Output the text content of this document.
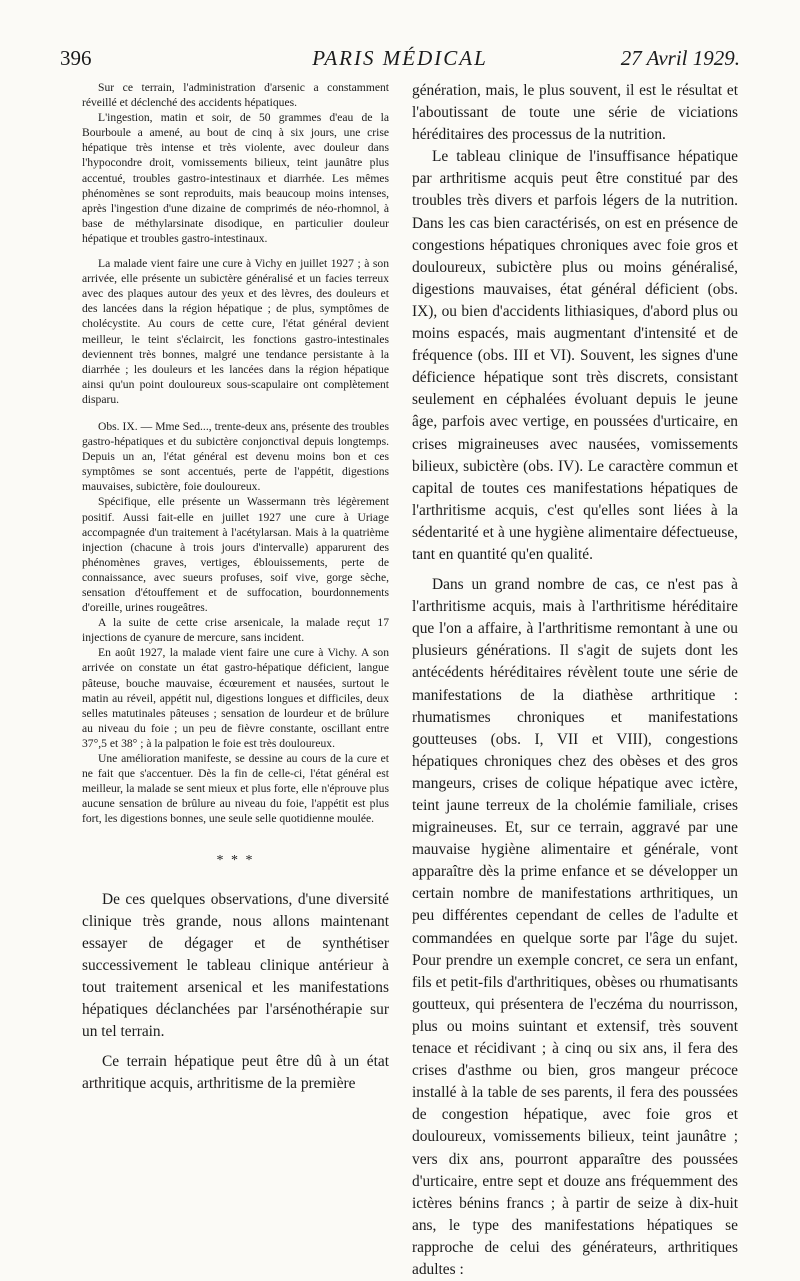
396	PARIS MÉDICAL	27 Avril 1929.

Sur ce terrain, l'administration d'arsenic a constamment réveillé et déclenché des accidents hépatiques.

L'ingestion, matin et soir, de 50 grammes d'eau de la Bourboule a amené, au bout de cinq à six jours, une crise hépatique très intense et très violente, avec douleur dans l'hypocondre droit, vomissements bilieux, teint jaunâtre plus accentué, troubles gastro-intestinaux et diarrhée. Les mêmes phénomènes se sont reproduits, mais beaucoup moins intenses, après l'ingestion d'une dizaine de comprimés de néo-rhomnol, à base de méthylarsinate disodique, en particulier douleur hépatique et troubles gastro-intestinaux.

La malade vient faire une cure à Vichy en juillet 1927 ; à son arrivée, elle présente un subictère généralisé et un facies terreux avec des plaques autour des yeux et des lèvres, des douleurs et des lancées dans la région hépatique ; de plus, symptômes de cholécystite. Au cours de cette cure, l'état général devient meilleur, le teint s'éclaircit, les fonctions gastro-intestinales deviennent très bonnes, malgré une tendance persistante à la diarrhée ; les douleurs et les lancées dans la région hépatique ainsi qu'un point douloureux sous-scapulaire ont complètement disparu.

Obs. IX. — Mme Sed..., trente-deux ans, présente des troubles gastro-hépatiques et du subictère conjonctival depuis longtemps. Depuis un an, l'état général est devenu moins bon et ces symptômes se sont accentués, perte de l'appétit, digestions mauvaises, subictère, foie douloureux.

Spécifique, elle présente un Wassermann très légèrement positif. Aussi fait-elle en juillet 1927 une cure à Uriage accompagnée d'un traitement à l'acétylarsan. Mais à la quatrième injection (chacune à trois jours d'intervalle) apparurent des phénomènes graves, vertiges, éblouissements, perte de connaissance, avec sueurs profuses, soif vive, gorge sèche, sensation d'étouffement et de suffocation, bourdonnements d'oreille, urines rougeâtres.

A la suite de cette crise arsenicale, la malade reçut 17 injections de cyanure de mercure, sans incident.

En août 1927, la malade vient faire une cure à Vichy. A son arrivée on constate un état gastro-hépatique déficient, langue pâteuse, bouche mauvaise, écœurement et nausées, surtout le matin au réveil, appétit nul, digestions longues et difficiles, deux selles matutinales pâteuses ; sensation de lourdeur et de brûlure au niveau du foie ; un peu de fièvre constante, oscillant entre 37°,5 et 38° ; à la palpation le foie est très douloureux.

Une amélioration manifeste, se dessine au cours de la cure et ne fait que s'accentuer. Dès la fin de celle-ci, l'état général est meilleur, la malade se sent mieux et plus forte, elle n'éprouve plus aucune sensation de brûlure au niveau du foie, l'appétit est plus fort, les digestions bonnes, une seule selle quotidienne moulée.

* * *

De ces quelques observations, d'une diversité clinique très grande, nous allons maintenant essayer de dégager et de synthétiser successivement le tableau clinique antérieur à tout traitement arsenical et les manifestations hépatiques déclanchées par l'arsénothérapie sur un tel terrain.

Ce terrain hépatique peut être dû à un état arthritique acquis, arthritisme de la première

génération, mais, le plus souvent, il est le résultat et l'aboutissant de toute une série de viciations héréditaires des processus de la nutrition.

Le tableau clinique de l'insuffisance hépatique par arthritisme acquis peut être constitué par des troubles très divers et parfois légers de la nutrition. Dans les cas bien caractérisés, on est en présence de congestions hépatiques chroniques avec foie gros et douloureux, subictère plus ou moins généralisé, digestions mauvaises, état général déficient (obs. IX), ou bien d'accidents lithiasiques, d'abord plus ou moins espacés, mais augmentant d'intensité et de fréquence (obs. III et VI). Souvent, les signes d'une déficience hépatique sont très discrets, consistant seulement en céphalées évoluant depuis le jeune âge, parfois avec vertige, en poussées d'urticaire, en crises migraineuses avec nausées, vomissements bilieux, subictère (obs. IV). Le caractère commun et capital de toutes ces manifestations hépatiques de l'arthritisme acquis, c'est qu'elles sont liées à la sédentarité et à une hygiène alimentaire défectueuse, tant en quantité qu'en qualité.

Dans un grand nombre de cas, ce n'est pas à l'arthritisme acquis, mais à l'arthritisme héréditaire que l'on a affaire, à l'arthritisme remontant à une ou plusieurs générations. Il s'agit de sujets dont les antécédents héréditaires révèlent toute une série de manifestations de la diathèse arthritique : rhumatismes chroniques et manifestations goutteuses (obs. I, VII et VIII), congestions hépatiques chroniques chez des obèses et des gros mangeurs, crises de colique hépatique avec ictère, teint jaune terreux de la cholémie familiale, crises migraineuses. Et, sur ce terrain, aggravé par une mauvaise hygiène alimentaire et générale, vont apparaître dès la prime enfance et se développer un certain nombre de manifestations arthritiques, un peu différentes cependant de celles de l'adulte et commandées en quelque sorte par l'âge du sujet. Pour prendre un exemple concret, ce sera un enfant, fils et petit-fils d'arthritiques, obèses ou rhumatisants goutteux, qui présentera de l'eczéma du nourrisson, plus ou moins suintant et extensif, très souvent tenace et récidivant ; à cinq ou six ans, il fera des crises d'asthme ou bien, gros mangeur précoce installé à la table de ses parents, il fera des poussées de congestion hépatique, avec foie gros et douloureux, vomissements bilieux, teint jaunâtre ; vers dix ans, pourront apparaître des poussées d'urticaire, entre sept et douze ans fréquemment des ictères bénins francs ; à partir de seize à dix-huit ans, le type des manifestations hépatiques se rapproche de celui des générateurs, arthritiques adultes :
